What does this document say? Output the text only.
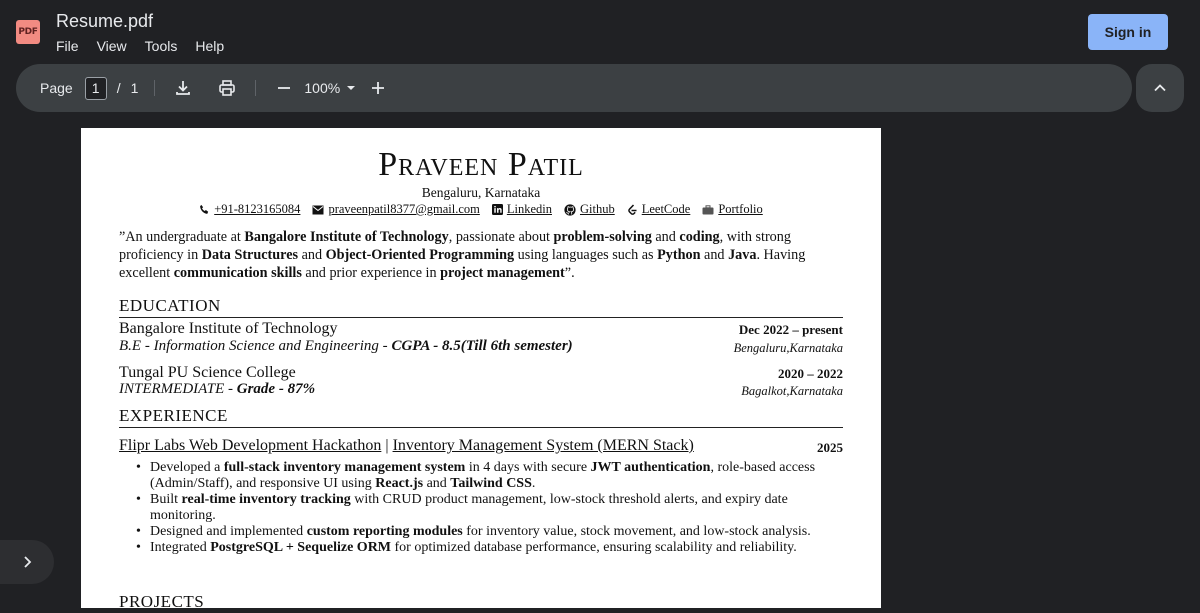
PDF
Resume.pdf
File View Tools Help
Sign in
Page
1	/ 1	100%
Praveen Patil
Bengaluru, Karnataka
+91-8123165084 praveenpatil8377@gmail.com Linkedin Github LeetCode Portfolio
”An undergraduate at Bangalore Institute of Technology, passionate about problem-solving and coding, with strong proficiency in Data Structures and Object-Oriented Programming using languages such as Python and Java. Having excellent communication skills and prior experience in project management”.
EDUCATION
Bangalore Institute of Technology	Dec 2022 – present
B.E - Information Science and Engineering - CGPA - 8.5(Till 6th semester)	Bengaluru,Karnataka
Tungal PU Science College	2020 – 2022
INTERMEDIATE - Grade - 87%	Bagalkot,Karnataka
EXPERIENCE
Flipr Labs Web Development Hackathon | Inventory Management System (MERN Stack)	2025
• Developed a full-stack inventory management system in 4 days with secure JWT authentication, role-based access (Admin/Staff), and responsive UI using React.js and Tailwind CSS.
• Built real-time inventory tracking with CRUD product management, low-stock threshold alerts, and expiry date monitoring.
• Designed and implemented custom reporting modules for inventory value, stock movement, and low-stock analysis.
• Integrated PostgreSQL + Sequelize ORM for optimized database performance, ensuring scalability and reliability.
PROJECTS
